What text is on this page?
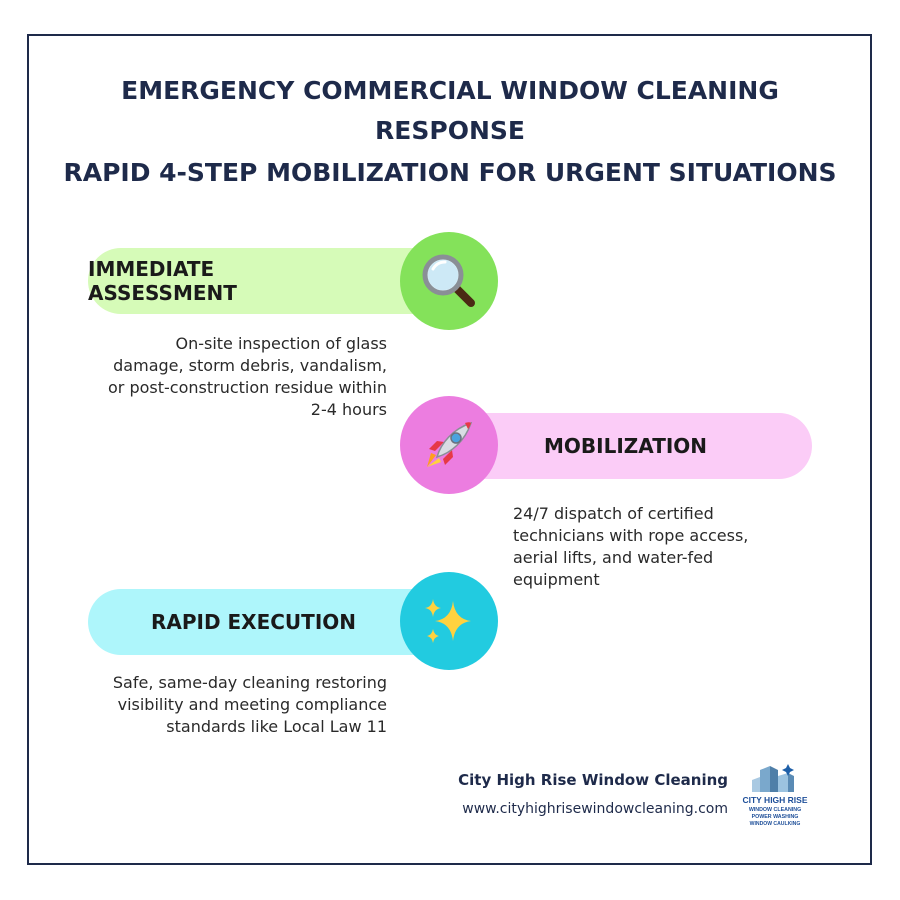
EMERGENCY COMMERCIAL WINDOW CLEANING RESPONSE
RAPID 4-STEP MOBILIZATION FOR URGENT SITUATIONS
IMMEDIATE ASSESSMENT

On-site inspection of glass damage, storm debris, vandalism, or post-construction residue within 2-4 hours

MOBILIZATION

24/7 dispatch of certified technicians with rope access, aerial lifts, and water-fed equipment

RAPID EXECUTION

Safe, same-day cleaning restoring visibility and meeting compliance standards like Local Law 11

City High Rise Window Cleaning
www.cityhighrisewindowcleaning.com
CITY HIGH RISE
WINDOW CLEANING
POWER WASHING
WINDOW CAULKING
